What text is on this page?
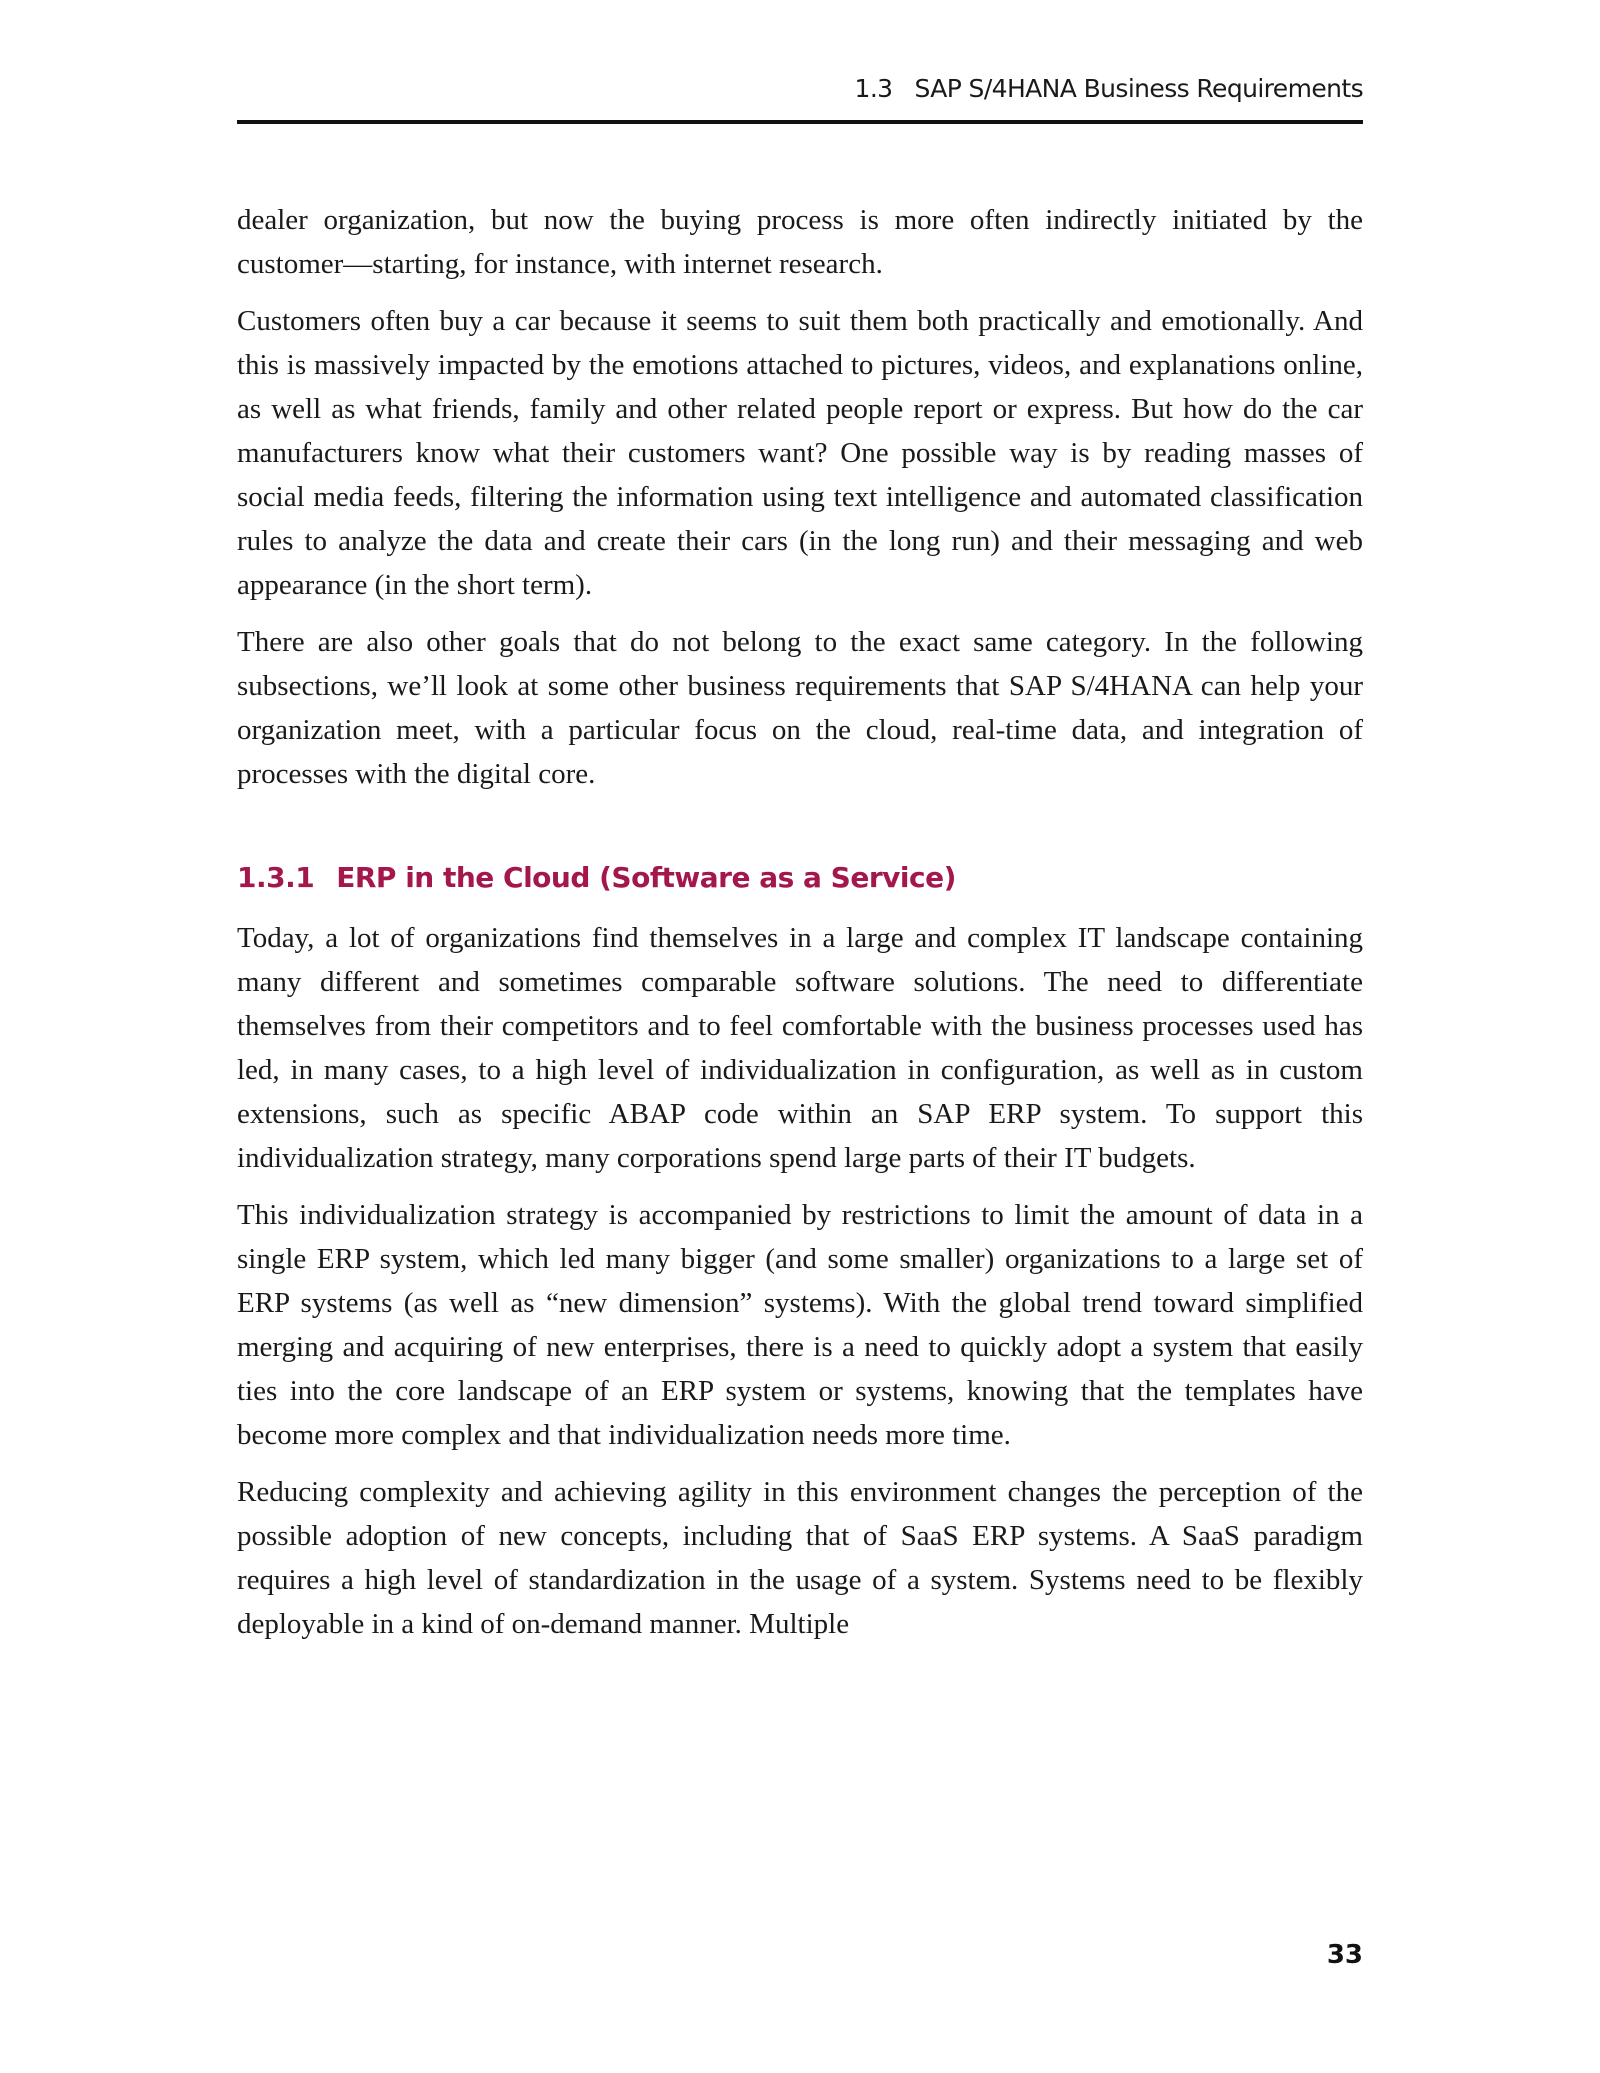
1.3 SAP S/4HANA Business Requirements

dealer organization, but now the buying process is more often indirectly initiated by the customer—starting, for instance, with internet research.

Customers often buy a car because it seems to suit them both practically and emotionally. And this is massively impacted by the emotions attached to pictures, videos, and explanations online, as well as what friends, family and other related people report or express. But how do the car manufacturers know what their customers want? One possible way is by reading masses of social media feeds, filtering the information using text intelligence and automated classification rules to analyze the data and create their cars (in the long run) and their messaging and web appearance (in the short term).

There are also other goals that do not belong to the exact same category. In the following subsections, we’ll look at some other business requirements that SAP S/4HANA can help your organization meet, with a particular focus on the cloud, real-time data, and integration of processes with the digital core.

1.3.1 ERP in the Cloud (Software as a Service)

Today, a lot of organizations find themselves in a large and complex IT landscape containing many different and sometimes comparable software solutions. The need to differentiate themselves from their competitors and to feel comfortable with the business processes used has led, in many cases, to a high level of individualization in configuration, as well as in custom extensions, such as specific ABAP code within an SAP ERP system. To support this individualization strategy, many corporations spend large parts of their IT budgets.

This individualization strategy is accompanied by restrictions to limit the amount of data in a single ERP system, which led many bigger (and some smaller) organizations to a large set of ERP systems (as well as “new dimension” systems). With the global trend toward simplified merging and acquiring of new enterprises, there is a need to quickly adopt a system that easily ties into the core landscape of an ERP system or systems, knowing that the templates have become more complex and that individualization needs more time.

Reducing complexity and achieving agility in this environment changes the perception of the possible adoption of new concepts, including that of SaaS ERP systems. A SaaS paradigm requires a high level of standardization in the usage of a system. Systems need to be flexibly deployable in a kind of on-demand manner. Multiple

33
